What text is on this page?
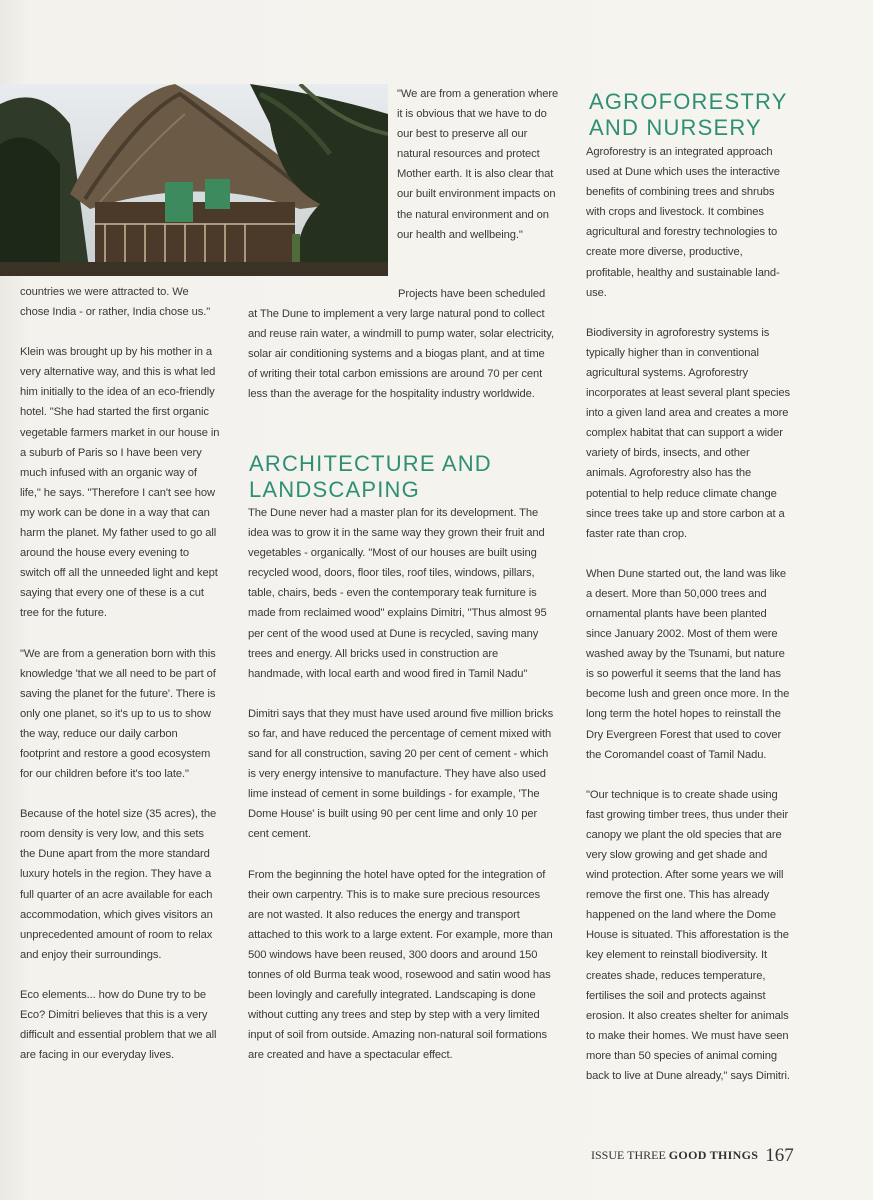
"We are from a generation where it is obvious that we have to do our best to preserve all our natural resources and protect Mother earth. It is also clear that our built environment impacts on the natural environment and on our health and wellbeing."

countries we were attracted to. We chose India - or rather, India chose us."

Klein was brought up by his mother in a very alternative way, and this is what led him initially to the idea of an eco-friendly hotel. "She had started the first organic vegetable farmers market in our house in a suburb of Paris so I have been very much infused with an organic way of life," he says. "Therefore I can't see how my work can be done in a way that can harm the planet. My father used to go all around the house every evening to switch off all the unneeded light and kept saying that every one of these is a cut tree for the future.

"We are from a generation born with this knowledge 'that we all need to be part of saving the planet for the future'. There is only one planet, so it's up to us to show the way, reduce our daily carbon footprint and restore a good ecosystem for our children before it's too late."

Because of the hotel size (35 acres), the room density is very low, and this sets the Dune apart from the more standard luxury hotels in the region. They have a full quarter of an acre available for each accommodation, which gives visitors an unprecedented amount of room to relax and enjoy their surroundings.

Eco elements... how do Dune try to be Eco? Dimitri believes that this is a very difficult and essential problem that we all are facing in our everyday lives.

Projects have been scheduled at The Dune to implement a very large natural pond to collect and reuse rain water, a windmill to pump water, solar electricity, solar air conditioning systems and a biogas plant, and at time of writing their total carbon emissions are around 70 per cent less than the average for the hospitality industry worldwide.

ARCHITECTURE AND LANDSCAPING

The Dune never had a master plan for its development. The idea was to grow it in the same way they grown their fruit and vegetables - organically. "Most of our houses are built using recycled wood, doors, floor tiles, roof tiles, windows, pillars, table, chairs, beds - even the contemporary teak furniture is made from reclaimed wood" explains Dimitri, "Thus almost 95 per cent of the wood used at Dune is recycled, saving many trees and energy. All bricks used in construction are handmade, with local earth and wood fired in Tamil Nadu"

Dimitri says that they must have used around five million bricks so far, and have reduced the percentage of cement mixed with sand for all construction, saving 20 per cent of cement - which is very energy intensive to manufacture. They have also used lime instead of cement in some buildings - for example, 'The Dome House' is built using 90 per cent lime and only 10 per cent cement.

From the beginning the hotel have opted for the integration of their own carpentry. This is to make sure precious resources are not wasted. It also reduces the energy and transport attached to this work to a large extent. For example, more than 500 windows have been reused, 300 doors and around 150 tonnes of old Burma teak wood, rosewood and satin wood has been lovingly and carefully integrated. Landscaping is done without cutting any trees and step by step with a very limited input of soil from outside. Amazing non-natural soil formations are created and have a spectacular effect.

AGROFORESTRY AND NURSERY

Agroforestry is an integrated approach used at Dune which uses the interactive benefits of combining trees and shrubs with crops and livestock. It combines agricultural and forestry technologies to create more diverse, productive, profitable, healthy and sustainable land-use.

Biodiversity in agroforestry systems is typically higher than in conventional agricultural systems. Agroforestry incorporates at least several plant species into a given land area and creates a more complex habitat that can support a wider variety of birds, insects, and other animals. Agroforestry also has the potential to help reduce climate change since trees take up and store carbon at a faster rate than crop.

When Dune started out, the land was like a desert. More than 50,000 trees and ornamental plants have been planted since January 2002. Most of them were washed away by the Tsunami, but nature is so powerful it seems that the land has become lush and green once more. In the long term the hotel hopes to reinstall the Dry Evergreen Forest that used to cover the Coromandel coast of Tamil Nadu.

"Our technique is to create shade using fast growing timber trees, thus under their canopy we plant the old species that are very slow growing and get shade and wind protection. After some years we will remove the first one. This has already happened on the land where the Dome House is situated. This afforestation is the key element to reinstall biodiversity. It creates shade, reduces temperature, fertilises the soil and protects against erosion. It also creates shelter for animals to make their homes. We must have seen more than 50 species of animal coming back to live at Dune already," says Dimitri.

ISSUE THREE GOOD THINGS 167
